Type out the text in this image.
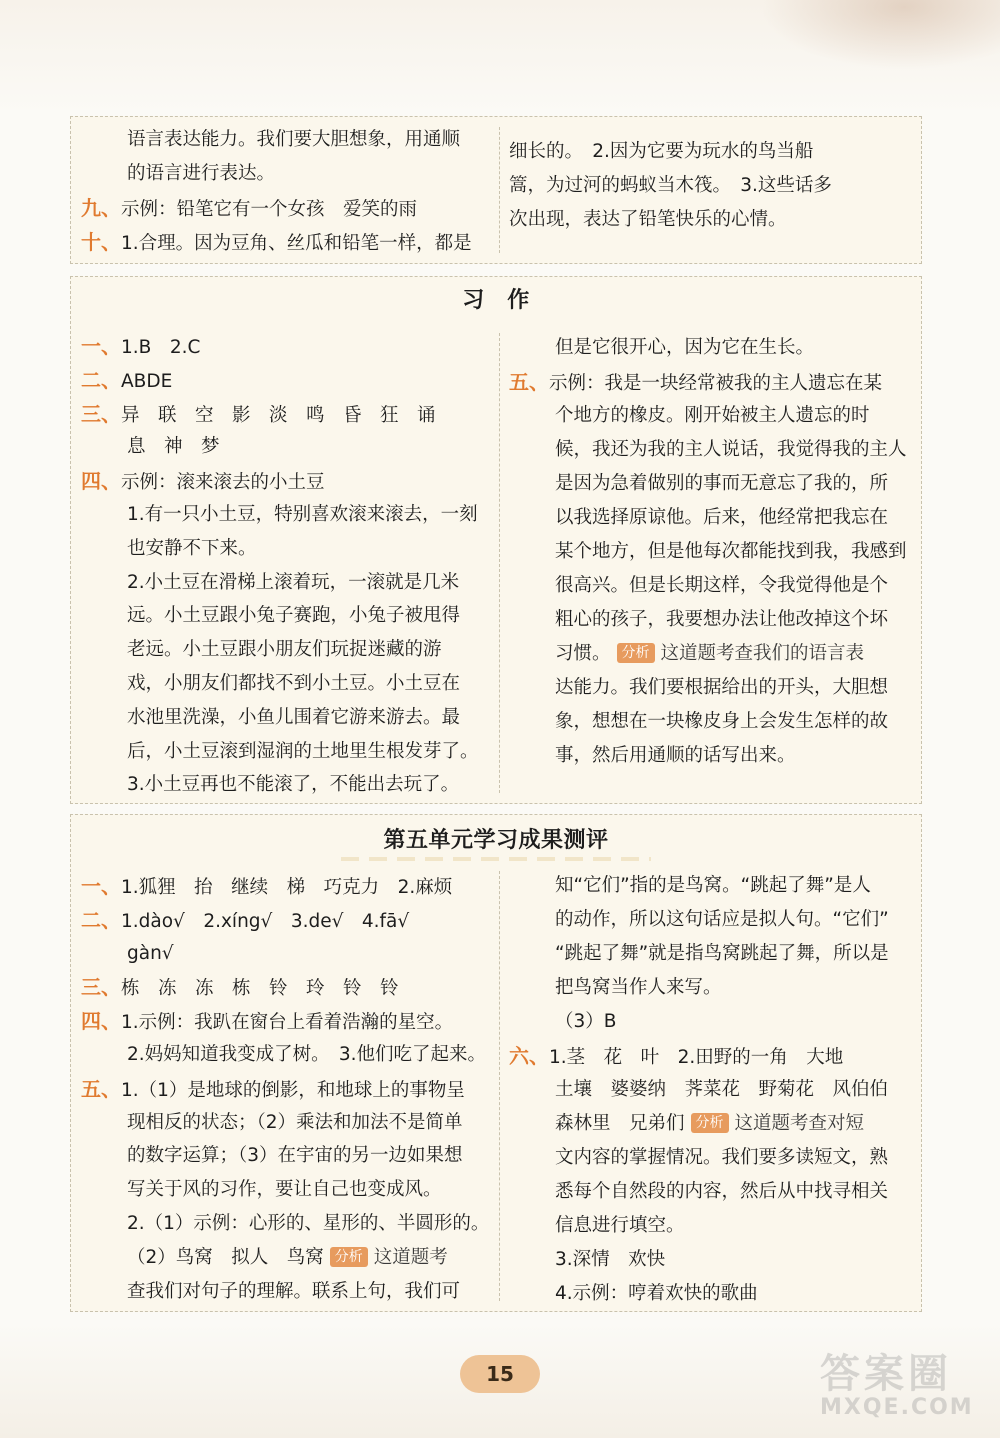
语言表达能力。我们要大胆想象，用通顺
的语言进行表达。
九、示例：铅笔它有一个女孩　爱笑的雨
十、1.合理。因为豆角、丝瓜和铅笔一样，都是
细长的。　2.因为它要为玩水的鸟当船
篙，为过河的蚂蚁当木筏。　3.这些话多
次出现，表达了铅笔快乐的心情。
习　作
一、1.B　2.C
二、ABDE
三、异　联　空　影　淡　鸣　昏　狂　诵
息　神　梦
四、示例：滚来滚去的小土豆
1.有一只小土豆，特别喜欢滚来滚去，一刻
也安静不下来。
2.小土豆在滑梯上滚着玩，一滚就是几米
远。小土豆跟小兔子赛跑，小兔子被甩得
老远。小土豆跟小朋友们玩捉迷藏的游
戏，小朋友们都找不到小土豆。小土豆在
水池里洗澡，小鱼儿围着它游来游去。最
后，小土豆滚到湿润的土地里生根发芽了。
3.小土豆再也不能滚了，不能出去玩了。
但是它很开心，因为它在生长。
五、示例：我是一块经常被我的主人遗忘在某
个地方的橡皮。刚开始被主人遗忘的时
候，我还为我的主人说话，我觉得我的主人
是因为急着做别的事而无意忘了我的，所
以我选择原谅他。后来，他经常把我忘在
某个地方，但是他每次都能找到我，我感到
很高兴。但是长期这样，令我觉得他是个
粗心的孩子，我要想办法让他改掉这个坏
习惯。 分析 这道题考查我们的语言表
达能力。我们要根据给出的开头，大胆想
象，想想在一块橡皮身上会发生怎样的故
事，然后用通顺的话写出来。
第五单元学习成果测评
一、1.狐狸　抬　继续　梯　巧克力　2.麻烦
二、1.dào√　2.xíng√　3.de√　4.fā√
gàn√
三、栋　冻　冻　栋　铃　玲　铃　铃
四、1.示例：我趴在窗台上看着浩瀚的星空。
2.妈妈知道我变成了树。　3.他们吃了起来。
五、1.（1）是地球的倒影，和地球上的事物呈
现相反的状态；（2）乘法和加法不是简单
的数字运算；（3）在宇宙的另一边如果想
写关于风的习作，要让自己也变成风。
2.（1）示例：心形的、星形的、半圆形的。
（2）鸟窝　拟人　鸟窝 分析 这道题考
查我们对句子的理解。联系上句，我们可
知“它们”指的是鸟窝。“跳起了舞”是人
的动作，所以这句话应是拟人句。“它们”
“跳起了舞”就是指鸟窝跳起了舞，所以是
把鸟窝当作人来写。
（3）B
六、1.茎　花　叶　2.田野的一角　大地
土壤　婆婆纳　荠菜花　野菊花　风伯伯
森林里　兄弟们 分析 这道题考查对短
文内容的掌握情况。我们要多读短文，熟
悉每个自然段的内容，然后从中找寻相关
信息进行填空。
3.深情　欢快
4.示例：哼着欢快的歌曲
15	答案圈
MXQE.COM
